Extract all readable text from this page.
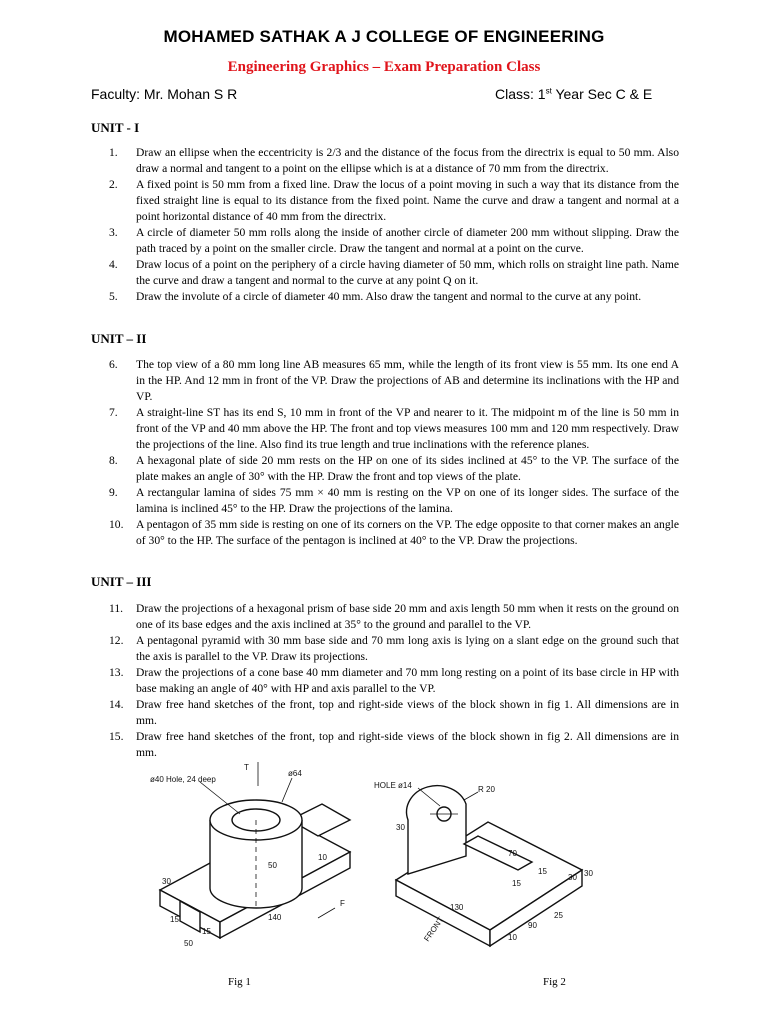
MOHAMED SATHAK A J COLLEGE OF ENGINEERING
Engineering Graphics – Exam Preparation Class
Faculty: Mr. Mohan S R	Class: 1st Year Sec C & E
UNIT - I
1. Draw an ellipse when the eccentricity is 2/3 and the distance of the focus from the directrix is equal to 50 mm. Also draw a normal and tangent to a point on the ellipse which is at a distance of 70 mm from the directrix.
2. A fixed point is 50 mm from a fixed line. Draw the locus of a point moving in such a way that its distance from the fixed straight line is equal to its distance from the fixed point. Name the curve and draw a tangent and normal at a point horizontal distance of 40 mm from the directrix.
3. A circle of diameter 50 mm rolls along the inside of another circle of diameter 200 mm without slipping. Draw the path traced by a point on the smaller circle. Draw the tangent and normal at a point on the curve.
4. Draw locus of a point on the periphery of a circle having diameter of 50 mm, which rolls on straight line path. Name the curve and draw a tangent and normal to the curve at any point Q on it.
5. Draw the involute of a circle of diameter 40 mm. Also draw the tangent and normal to the curve at any point.
UNIT – II
6. The top view of a 80 mm long line AB measures 65 mm, while the length of its front view is 55 mm. Its one end A in the HP. And 12 mm in front of the VP. Draw the projections of AB and determine its inclinations with the HP and VP.
7. A straight-line ST has its end S, 10 mm in front of the VP and nearer to it. The midpoint m of the line is 50 mm in front of the VP and 40 mm above the HP. The front and top views measures 100 mm and 120 mm respectively. Draw the projections of the line. Also find its true length and true inclinations with the reference planes.
8. A hexagonal plate of side 20 mm rests on the HP on one of its sides inclined at 45° to the VP. The surface of the plate makes an angle of 30° with the HP. Draw the front and top views of the plate.
9. A rectangular lamina of sides 75 mm × 40 mm is resting on the VP on one of its longer sides. The surface of the lamina is inclined 45° to the HP. Draw the projections of the lamina.
10. A pentagon of 35 mm side is resting on one of its corners on the VP. The edge opposite to that corner makes an angle of 30° to the HP. The surface of the pentagon is inclined at 40° to the VP. Draw the projections.
UNIT – III
11. Draw the projections of a hexagonal prism of base side 20 mm and axis length 50 mm when it rests on the ground on one of its base edges and the axis inclined at 35° to the ground and parallel to the VP.
12. A pentagonal pyramid with 30 mm base side and 70 mm long axis is lying on a slant edge on the ground such that the axis is parallel to the VP. Draw its projections.
13. Draw the projections of a cone base 40 mm diameter and 70 mm long resting on a point of its base circle in HP with base making an angle of 40° with HP and axis parallel to the VP.
14. Draw free hand sketches of the front, top and right-side views of the block shown in fig 1. All dimensions are in mm.
15. Draw free hand sketches of the front, top and right-side views of the block shown in fig 2. All dimensions are in mm.
ø40 Hole, 24 deep
ø64
T
F
50
10
30
15
15
50
140
Fig 1
HOLE ø14	R 20
30
70
15
15
30 30
130
90
10
25
FRONT
Fig 2
